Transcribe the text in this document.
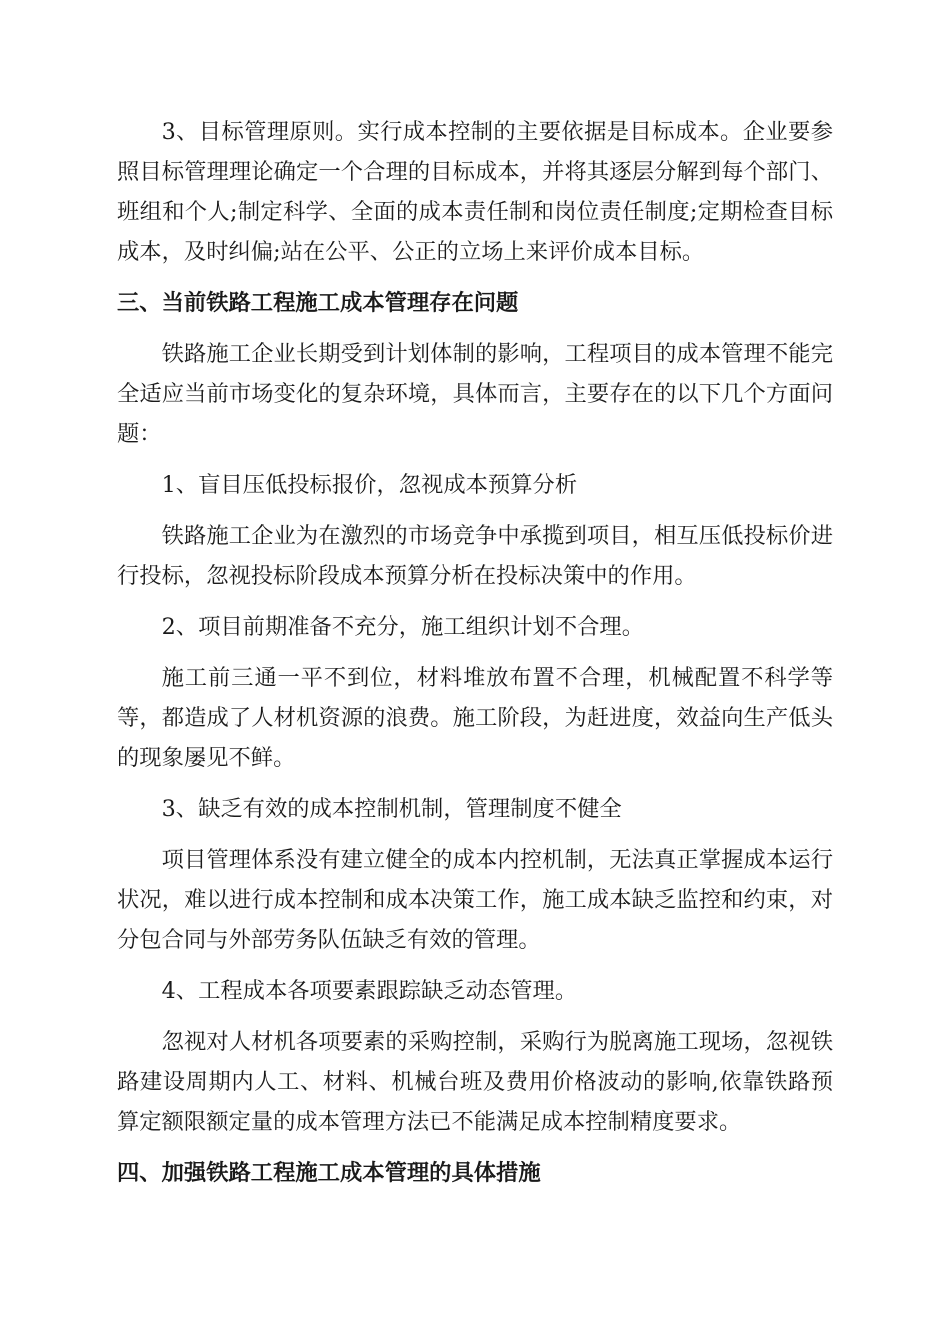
3、目标管理原则。实行成本控制的主要依据是目标成本。企业要参照目标管理理论确定一个合理的目标成本，并将其逐层分解到每个部门、班组和个人;制定科学、全面的成本责任制和岗位责任制度;定期检查目标成本，及时纠偏;站在公平、公正的立场上来评价成本目标。

三、当前铁路工程施工成本管理存在问题

铁路施工企业长期受到计划体制的影响，工程项目的成本管理不能完全适应当前市场变化的复杂环境，具体而言，主要存在的以下几个方面问题：

1、盲目压低投标报价，忽视成本预算分析

铁路施工企业为在激烈的市场竞争中承揽到项目，相互压低投标价进行投标，忽视投标阶段成本预算分析在投标决策中的作用。

2、项目前期准备不充分，施工组织计划不合理。

施工前三通一平不到位，材料堆放布置不合理，机械配置不科学等等，都造成了人材机资源的浪费。施工阶段，为赶进度，效益向生产低头的现象屡见不鲜。

3、缺乏有效的成本控制机制，管理制度不健全

项目管理体系没有建立健全的成本内控机制，无法真正掌握成本运行状况，难以进行成本控制和成本决策工作，施工成本缺乏监控和约束，对分包合同与外部劳务队伍缺乏有效的管理。

4、工程成本各项要素跟踪缺乏动态管理。

忽视对人材机各项要素的采购控制，采购行为脱离施工现场，忽视铁路建设周期内人工、材料、机械台班及费用价格波动的影响,依靠铁路预算定额限额定量的成本管理方法已不能满足成本控制精度要求。

四、加强铁路工程施工成本管理的具体措施
